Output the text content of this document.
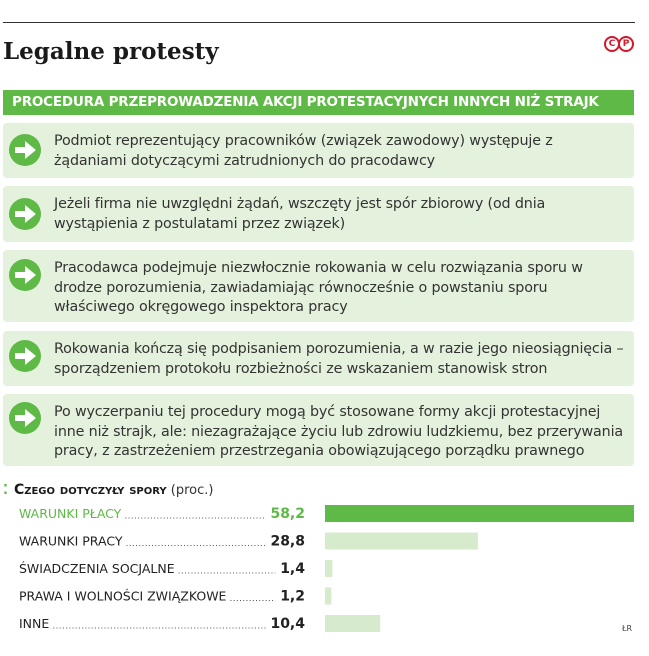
Legalne protesty	C P
PROCEDURA PRZEPROWADZENIA AKCJI PROTESTACYJNYCH INNYCH NIŻ STRAJK
Podmiot reprezentujący pracowników (związek zawodowy) występuje z żądaniami dotyczącymi zatrudnionych do pracodawcy
Jeżeli firma nie uwzględni żądań, wszczęty jest spór zbiorowy (od dnia wystąpienia z postulatami przez związek)
Pracodawca podejmuje niezwłocznie rokowania w celu rozwiązania sporu w drodze porozumienia, zawiadamiając równocześnie o powstaniu sporu właściwego okręgowego inspektora pracy
Rokowania kończą się podpisaniem porozumienia, a w razie jego nieosiągnięcia – sporządzeniem protokołu rozbieżności ze wskazaniem stanowisk stron
Po wyczerpaniu tej procedury mogą być stosowane formy akcji protestacyjnej inne niż strajk, ale: niezagrażające życiu lub zdrowiu ludzkiemu, bez przerywania pracy, z zastrzeżeniem przestrzegania obowiązującego porządku prawnego
⁚ Czego dotyczyły spory (proc.)
WARUNKI PŁACY	58,2
WARUNKI PRACY	28,8
ŚWIADCZENIA SOCJALNE	1,4
PRAWA I WOLNOŚCI ZWIĄZKOWE	1,2
INNE	10,4	ŁR
